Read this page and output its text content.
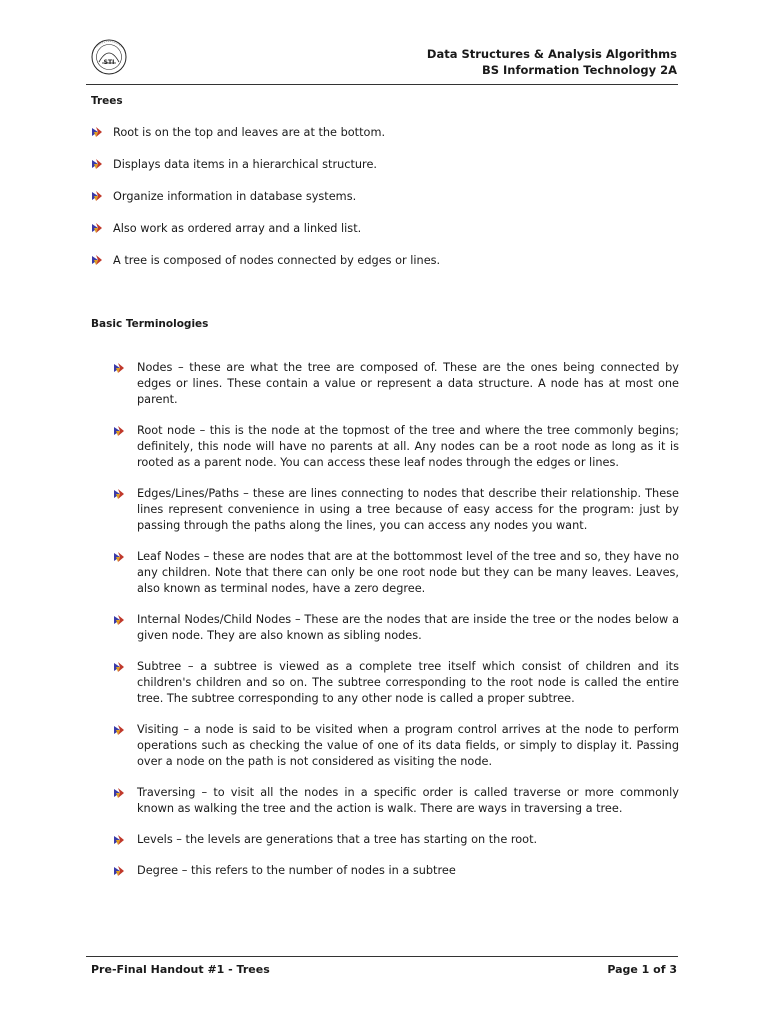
STI
Data Structures & Analysis Algorithms
BS Information Technology 2A
Trees
Root is on the top and leaves are at the bottom.
Displays data items in a hierarchical structure.
Organize information in database systems.
Also work as ordered array and a linked list.
A tree is composed of nodes connected by edges or lines.
Basic Terminologies
Nodes – these are what the tree are composed of. These are the ones being connected by edges or lines. These contain a value or represent a data structure. A node has at most one parent.
Root node – this is the node at the topmost of the tree and where the tree commonly begins; definitely, this node will have no parents at all. Any nodes can be a root node as long as it is rooted as a parent node. You can access these leaf nodes through the edges or lines.
Edges/Lines/Paths – these are lines connecting to nodes that describe their relationship. These lines represent convenience in using a tree because of easy access for the program: just by passing through the paths along the lines, you can access any nodes you want.
Leaf Nodes – these are nodes that are at the bottommost level of the tree and so, they have no any children. Note that there can only be one root node but they can be many leaves. Leaves, also known as terminal nodes, have a zero degree.
Internal Nodes/Child Nodes – These are the nodes that are inside the tree or the nodes below a given node. They are also known as sibling nodes.
Subtree – a subtree is viewed as a complete tree itself which consist of children and its children's children and so on. The subtree corresponding to the root node is called the entire tree. The subtree corresponding to any other node is called a proper subtree.
Visiting – a node is said to be visited when a program control arrives at the node to perform operations such as checking the value of one of its data fields, or simply to display it. Passing over a node on the path is not considered as visiting the node.
Traversing – to visit all the nodes in a specific order is called traverse or more commonly known as walking the tree and the action is walk. There are ways in traversing a tree.
Levels – the levels are generations that a tree has starting on the root.
Degree – this refers to the number of nodes in a subtree
Pre-Final Handout #1 - Trees	Page 1 of 3
